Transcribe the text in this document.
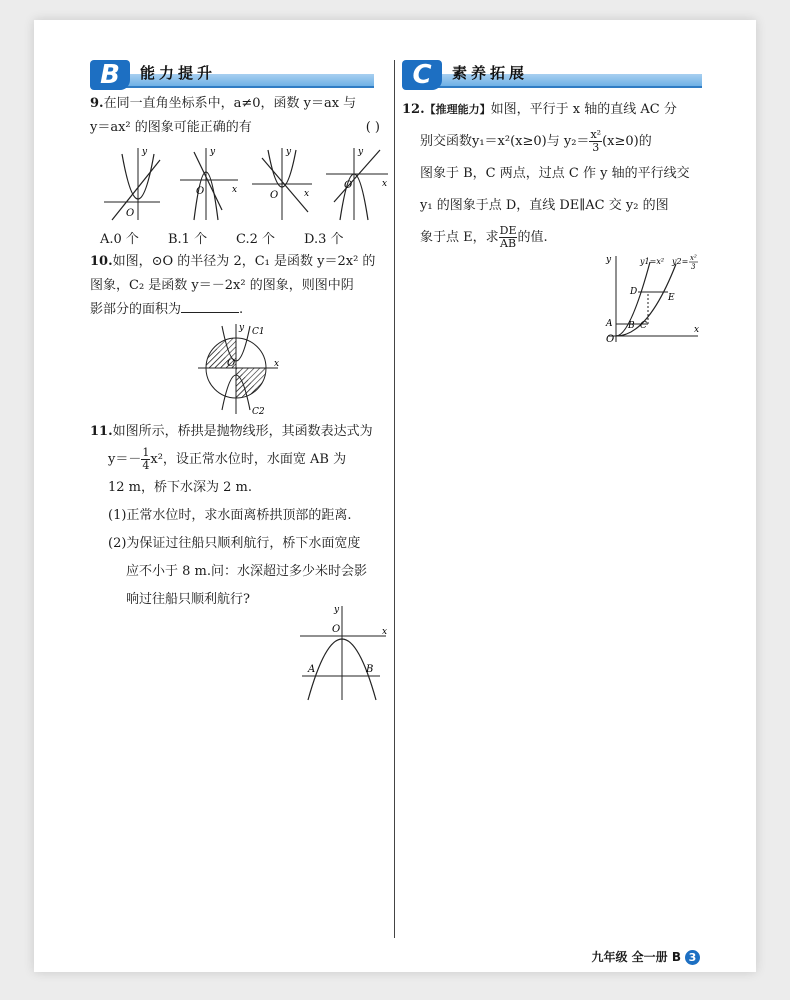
B	能力提升	C	素养拓展
9.在同一直角坐标系中，a≠0，函数 y＝ax 与
y＝ax² 的图象可能正确的有	( )
O
y
O	x
y
O	x
y
O	x
y
A.0 个 B.1 个 C.2 个 D.3 个
10.如图，⊙O 的半径为 2，C₁ 是函数 y＝2x² 的
图象，C₂ 是函数 y＝－2x² 的图象，则图中阴
影部分的面积为	.
C1
C2
O	x
y
11.如图所示，桥拱是抛物线形，其函数表达式为
$y=- \frac{1}{4} x^2$，设正常水位时，水面宽 AB 为
12 m，桥下水深为 2 m.
(1)正常水位时，求水面离桥拱顶部的距离.
(2)为保证过往船只顺利航行，桥下水面宽度
应不小于 8 m.问：水深超过多少米时会影
响过往船只顺利航行?
O	x
y
A	B
12.【推理能力】如图，平行于 x 轴的直线 AC 分
别交函数y₁＝x²(x≥0)与 $y_2= \frac{\text{x²}}{3} (x\ge 0)$的
图象于 B，C 两点，过点 C 作 y 轴的平行线交
y₁ 的图象于点 D，直线 DE∥AC 交 y₂ 的图
象于点 E，求 $\frac{DE}{AB}$ 的值.
O
x
y
A B C
D
E
y1=x² y2= x²
3
九年级 全一册 B 3
